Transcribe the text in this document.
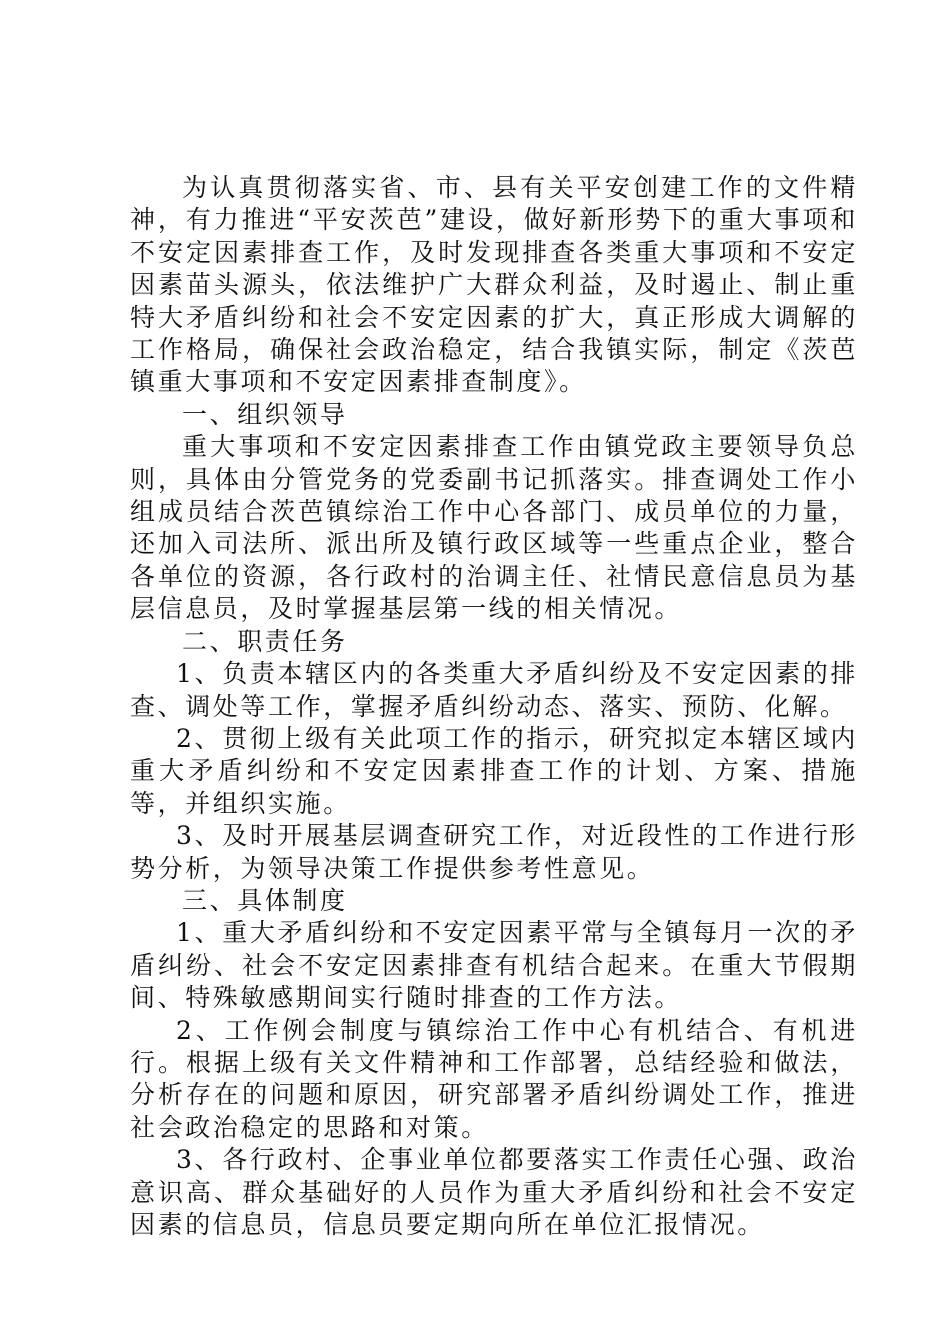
为认真贯彻落实省、市、县有关平安创建工作的文件精神，有力推进“平安茨芭”建设，做好新形势下的重大事项和不安定因素排查工作，及时发现排查各类重大事项和不安定因素苗头源头，依法维护广大群众利益，及时遏止、制止重特大矛盾纠纷和社会不安定因素的扩大，真正形成大调解的工作格局，确保社会政治稳定，结合我镇实际，制定《茨芭镇重大事项和不安定因素排查制度》。

一、组织领导

重大事项和不安定因素排查工作由镇党政主要领导负总则，具体由分管党务的党委副书记抓落实。排查调处工作小组成员结合茨芭镇综治工作中心各部门、成员单位的力量，还加入司法所、派出所及镇行政区域等一些重点企业，整合各单位的资源，各行政村的治调主任、社情民意信息员为基层信息员，及时掌握基层第一线的相关情况。

二、职责任务

1、负责本辖区内的各类重大矛盾纠纷及不安定因素的排查、调处等工作，掌握矛盾纠纷动态、落实、预防、化解。

2、贯彻上级有关此项工作的指示，研究拟定本辖区域内重大矛盾纠纷和不安定因素排查工作的计划、方案、措施等，并组织实施。

3、及时开展基层调查研究工作，对近段性的工作进行形势分析，为领导决策工作提供参考性意见。

三、具体制度

1、重大矛盾纠纷和不安定因素平常与全镇每月一次的矛盾纠纷、社会不安定因素排查有机结合起来。在重大节假期间、特殊敏感期间实行随时排查的工作方法。

2、工作例会制度与镇综治工作中心有机结合、有机进行。根据上级有关文件精神和工作部署，总结经验和做法，分析存在的问题和原因，研究部署矛盾纠纷调处工作，推进社会政治稳定的思路和对策。

3、各行政村、企事业单位都要落实工作责任心强、政治意识高、群众基础好的人员作为重大矛盾纠纷和社会不安定因素的信息员，信息员要定期向所在单位汇报情况。
